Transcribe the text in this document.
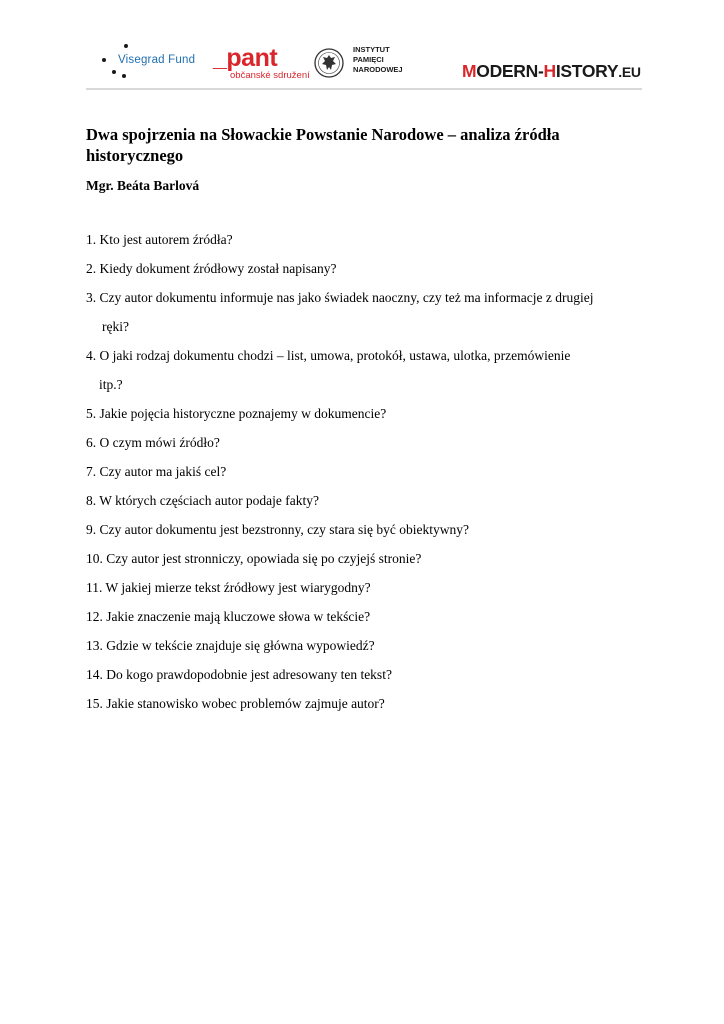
Visegrad Fund _pant
občanské sdružení
INSTYTUT
PAMIĘCI
NARODOWEJ	MODERN-HISTORY.EU
Dwa spojrzenia na Słowackie Powstanie Narodowe – analiza źródła historycznego
Mgr. Beáta Barlová
1. Kto jest autorem źródła?
2. Kiedy dokument źródłowy został napisany?
3. Czy autor dokumentu informuje nas jako świadek naoczny, czy też ma informacje z drugiej
ręki?
4. O jaki rodzaj dokumentu chodzi – list, umowa, protokół, ustawa, ulotka, przemówienie
itp.?
5. Jakie pojęcia historyczne poznajemy w dokumencie?
6. O czym mówi źródło?
7. Czy autor ma jakiś cel?
8. W których częściach autor podaje fakty?
9. Czy autor dokumentu jest bezstronny, czy stara się być obiektywny?
10. Czy autor jest stronniczy, opowiada się po czyjejś stronie?
11. W jakiej mierze tekst źródłowy jest wiarygodny?
12. Jakie znaczenie mają kluczowe słowa w tekście?
13. Gdzie w tekście znajduje się główna wypowiedź?
14. Do kogo prawdopodobnie jest adresowany ten tekst?
15. Jakie stanowisko wobec problemów zajmuje autor?
